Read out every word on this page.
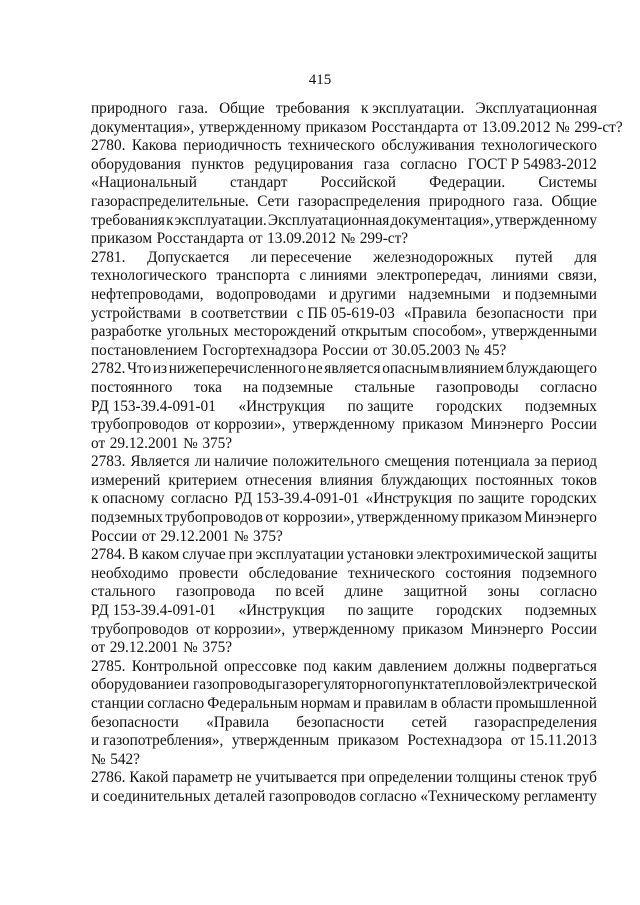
415
природного газа. Общие требования к эксплуатации. Эксплуатационная
документация», утвержденному приказом Росстандарта от 13.09.2012 № 299-ст?
2780. Какова периодичность технического обслуживания технологического
оборудования пунктов редуцирования газа согласно ГОСТ Р 54983-2012
«Национальный стандарт Российской Федерации. Системы
газораспределительные. Сети газораспределения природного газа. Общие
требования к эксплуатации. Эксплуатационная документация», утвержденному
приказом Росстандарта от 13.09.2012 № 299-ст?
2781. Допускается ли пересечение железнодорожных путей для
технологического транспорта с линиями электропередач, линиями связи,
нефтепроводами, водопроводами и другими надземными и подземными
устройствами в соответствии с ПБ 05-619-03 «Правила безопасности при
разработке угольных месторождений открытым способом», утвержденными
постановлением Госгортехнадзора России от 30.05.2003 № 45?
2782. Что из нижеперечисленного не является опасным влиянием блуждающего
постоянного тока на подземные стальные газопроводы согласно
РД 153-39.4-091-01 «Инструкция по защите городских подземных
трубопроводов от коррозии», утвержденному приказом Минэнерго России
от 29.12.2001 № 375?
2783. Является ли наличие положительного смещения потенциала за период
измерений критерием отнесения влияния блуждающих постоянных токов
к опасному согласно РД 153-39.4-091-01 «Инструкция по защите городских
подземных трубопроводов от коррозии», утвержденному приказом Минэнерго
России от 29.12.2001 № 375?
2784. В каком случае при эксплуатации установки электрохимической защиты
необходимо провести обследование технического состояния подземного
стального газопровода по всей длине защитной зоны согласно
РД 153-39.4-091-01 «Инструкция по защите городских подземных
трубопроводов от коррозии», утвержденному приказом Минэнерго России
от 29.12.2001 № 375?
2785. Контрольной опрессовке под каким давлением должны подвергаться
оборудование и газопроводы газорегуляторного пункта тепловой электрической
станции согласно Федеральным нормам и правилам в области промышленной
безопасности «Правила безопасности сетей газораспределения
и газопотребления», утвержденным приказом Ростехнадзора от 15.11.2013
№ 542?
2786. Какой параметр не учитывается при определении толщины стенок труб
и соединительных деталей газопроводов согласно «Техническому регламенту
